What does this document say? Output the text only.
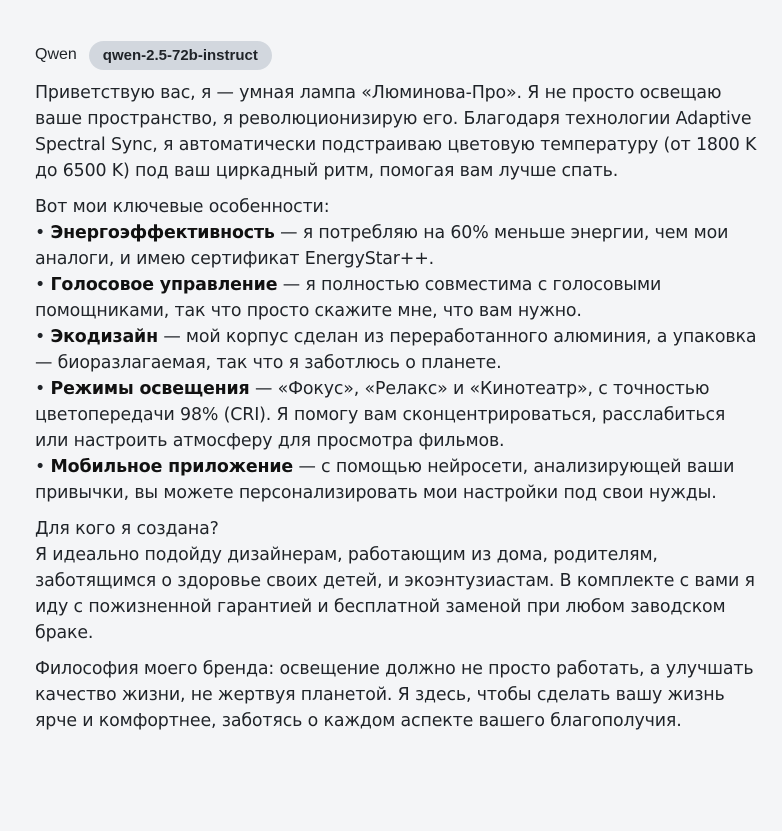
Qwen	qwen-2.5-72b-instruct

Приветствую вас, я — умная лампа «Люминова-Про». Я не просто освещаю ваше пространство, я революционизирую его. Благодаря технологии Adaptive Spectral Sync, я автоматически подстраиваю цветовую температуру (от 1800 K до 6500 K) под ваш циркадный ритм, помогая вам лучше спать.

Вот мои ключевые особенности:
• Энергоэффективность — я потребляю на 60% меньше энергии, чем мои аналоги, и имею сертификат EnergyStar++.
• Голосовое управление — я полностью совместима с голосовыми помощниками, так что просто скажите мне, что вам нужно.
• Экодизайн — мой корпус сделан из переработанного алюминия, а упаковка — биоразлагаемая, так что я заботлюсь о планете.
• Режимы освещения — «Фокус», «Релакс» и «Кинотеатр», с точностью цветопередачи 98% (CRI). Я помогу вам сконцентрироваться, расслабиться или настроить атмосферу для просмотра фильмов.
• Мобильное приложение — с помощью нейросети, анализирующей ваши привычки, вы можете персонализировать мои настройки под свои нужды.
Для кого я создана?
Я идеально подойду дизайнерам, работающим из дома, родителям, заботящимся о здоровье своих детей, и экоэнтузиастам. В комплекте с вами я иду с пожизненной гарантией и бесплатной заменой при любом заводском браке.

Философия моего бренда: освещение должно не просто работать, а улучшать качество жизни, не жертвуя планетой. Я здесь, чтобы сделать вашу жизнь ярче и комфортнее, заботясь о каждом аспекте вашего благополучия.
